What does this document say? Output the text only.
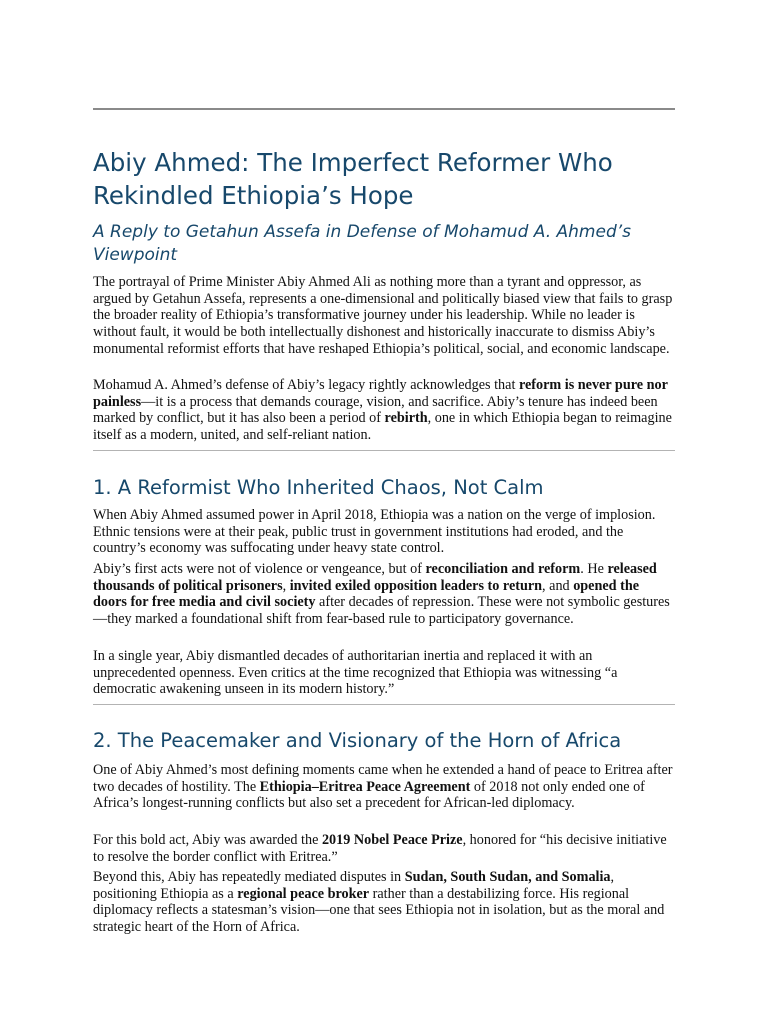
Abiy Ahmed: The Imperfect Reformer Who Rekindled Ethiopia’s Hope
A Reply to Getahun Assefa in Defense of Mohamud A. Ahmed’s Viewpoint

The portrayal of Prime Minister Abiy Ahmed Ali as nothing more than a tyrant and oppressor, as argued by Getahun Assefa, represents a one-dimensional and politically biased view that fails to grasp the broader reality of Ethiopia’s transformative journey under his leadership. While no leader is without fault, it would be both intellectually dishonest and historically inaccurate to dismiss Abiy’s monumental reformist efforts that have reshaped Ethiopia’s political, social, and economic landscape.

Mohamud A. Ahmed’s defense of Abiy’s legacy rightly acknowledges that reform is never pure nor painless—it is a process that demands courage, vision, and sacrifice. Abiy’s tenure has indeed been marked by conflict, but it has also been a period of rebirth, one in which Ethiopia began to reimagine itself as a modern, united, and self-reliant nation.

1. A Reformist Who Inherited Chaos, Not Calm

When Abiy Ahmed assumed power in April 2018, Ethiopia was a nation on the verge of implosion. Ethnic tensions were at their peak, public trust in government institutions had eroded, and the country’s economy was suffocating under heavy state control.

Abiy’s first acts were not of violence or vengeance, but of reconciliation and reform. He released thousands of political prisoners, invited exiled opposition leaders to return, and opened the doors for free media and civil society after decades of repression. These were not symbolic gestures—they marked a foundational shift from fear-based rule to participatory governance.

In a single year, Abiy dismantled decades of authoritarian inertia and replaced it with an unprecedented openness. Even critics at the time recognized that Ethiopia was witnessing “a democratic awakening unseen in its modern history.”

2. The Peacemaker and Visionary of the Horn of Africa

One of Abiy Ahmed’s most defining moments came when he extended a hand of peace to Eritrea after two decades of hostility. The Ethiopia–Eritrea Peace Agreement of 2018 not only ended one of Africa’s longest-running conflicts but also set a precedent for African-led diplomacy.

For this bold act, Abiy was awarded the 2019 Nobel Peace Prize, honored for “his decisive initiative to resolve the border conflict with Eritrea.”

Beyond this, Abiy has repeatedly mediated disputes in Sudan, South Sudan, and Somalia, positioning Ethiopia as a regional peace broker rather than a destabilizing force. His regional diplomacy reflects a statesman’s vision—one that sees Ethiopia not in isolation, but as the moral and strategic heart of the Horn of Africa.
